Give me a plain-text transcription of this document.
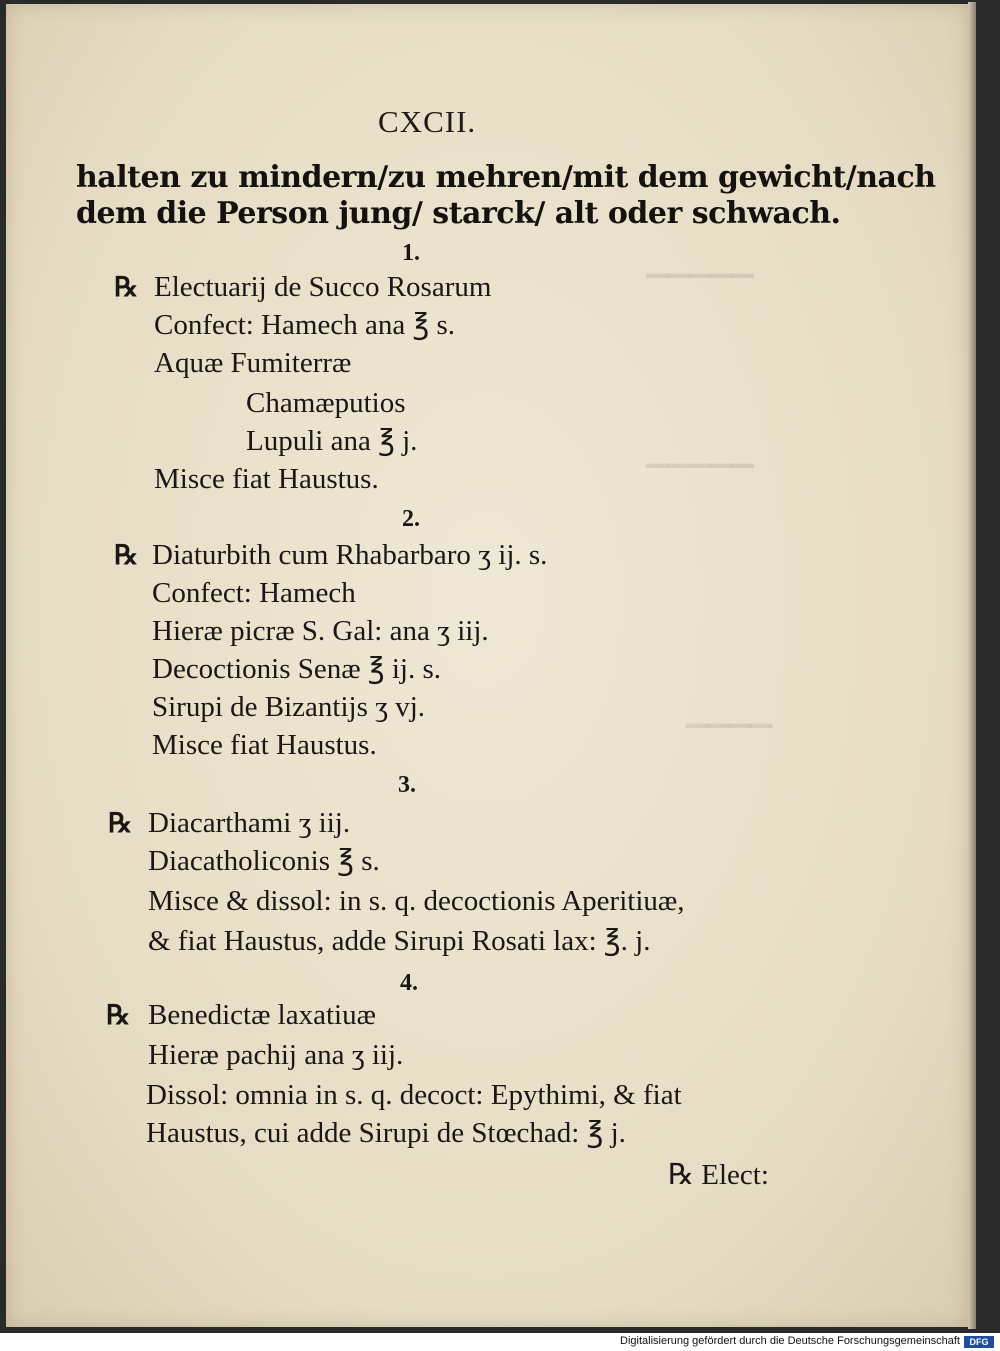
▔▔▔▔▔
▔▔▔▔▔
▔▔▔▔
CXCII.
halten zu mindern/zu mehren/mit dem gewicht/nach
dem die Person jung/ starck/ alt oder schwach.
1.
℞ Electuarij de Succo Rosarum
Confect: Hamech ana ℥ s.
Aquæ Fumiterræ
Chamæputios
Lupuli ana ℥ j.
Misce fiat Haustus.
2.
℞ Diaturbith cum Rhabarbaro ʒ ij. s.
Confect: Hamech
Hieræ picræ S. Gal: ana ʒ iij.
Decoctionis Senæ ℥ ij. s.
Sirupi de Bizantijs ʒ vj.
Misce fiat Haustus.
3.
℞ Diacarthami ʒ iij.
Diacatholiconis ℥ s.
Misce & dissol: in s. q. decoctionis Aperitiuæ,
& fiat Haustus, adde Sirupi Rosati lax: ℥. j.
4.
℞ Benedictæ laxatiuæ
Hieræ pachij ana ʒ iij.
Dissol: omnia in s. q. decoct: Epythimi, & fiat
Haustus, cui adde Sirupi de Stœchad: ℥ j.
℞ Elect:
Digitalisierung gefördert durch die Deutsche Forschungsgemeinschaft	DFG
